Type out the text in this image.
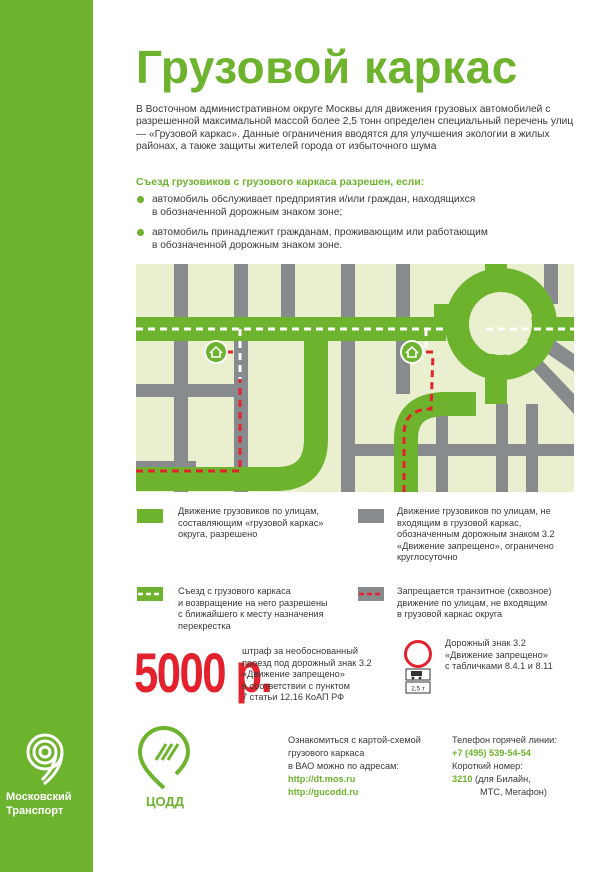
Московский
Транспорт
Грузовой каркас
В Восточном административном округе Москвы для движения грузовых автомобилей с разрешенной максимальной массой более 2,5 тонн определен специальный перечень улиц — «Грузовой каркас». Данные ограничения вводятся для улучшения экологии в жилых районах, а также защиты жителей города от избыточного шума
Съезд грузовиков с грузового каркаса разрешен, если:
автомобиль обслуживает предприятия и/или граждан, находящихся
в обозначенной дорожным знаком зоне;
автомобиль принадлежит гражданам, проживающим или работающим
в обозначенной дорожным знаком зоне.
Движение грузовиков по улицам,
составляющим «грузовой каркас»
округа, разрешено
Движение грузовиков по улицам, не
входящим в грузовой каркас,
обозначенным дорожным знаком 3.2
«Движение запрещено», ограничено
круглосуточно
Съезд с грузового каркаса
и возвращение на него разрешены
с ближайшего к месту назначения
перекрестка
Запрещается транзитное (сквозное)
движение по улицам, не входящим
в грузовой каркас округа
5000 р.
штраф за необоснованный
проезд под дорожный знак 3.2
«Движение запрещено»
в соответствии с пунктом
7 статьи 12.16 КоАП РФ
2,5 т
Дорожный знак 3.2
«Движение запрещено»
с табличками 8.4.1 и 8.11
ЦОДД
Ознакомиться с картой-схемой
грузового каркаса
в ВАО можно по адресам:
http://dt.mos.ru
http://gucodd.ru
Телефон горячей линии:
+7 (495) 539-54-54
Короткий номер:
3210 (для Билайн,
МТС, Мегафон)
